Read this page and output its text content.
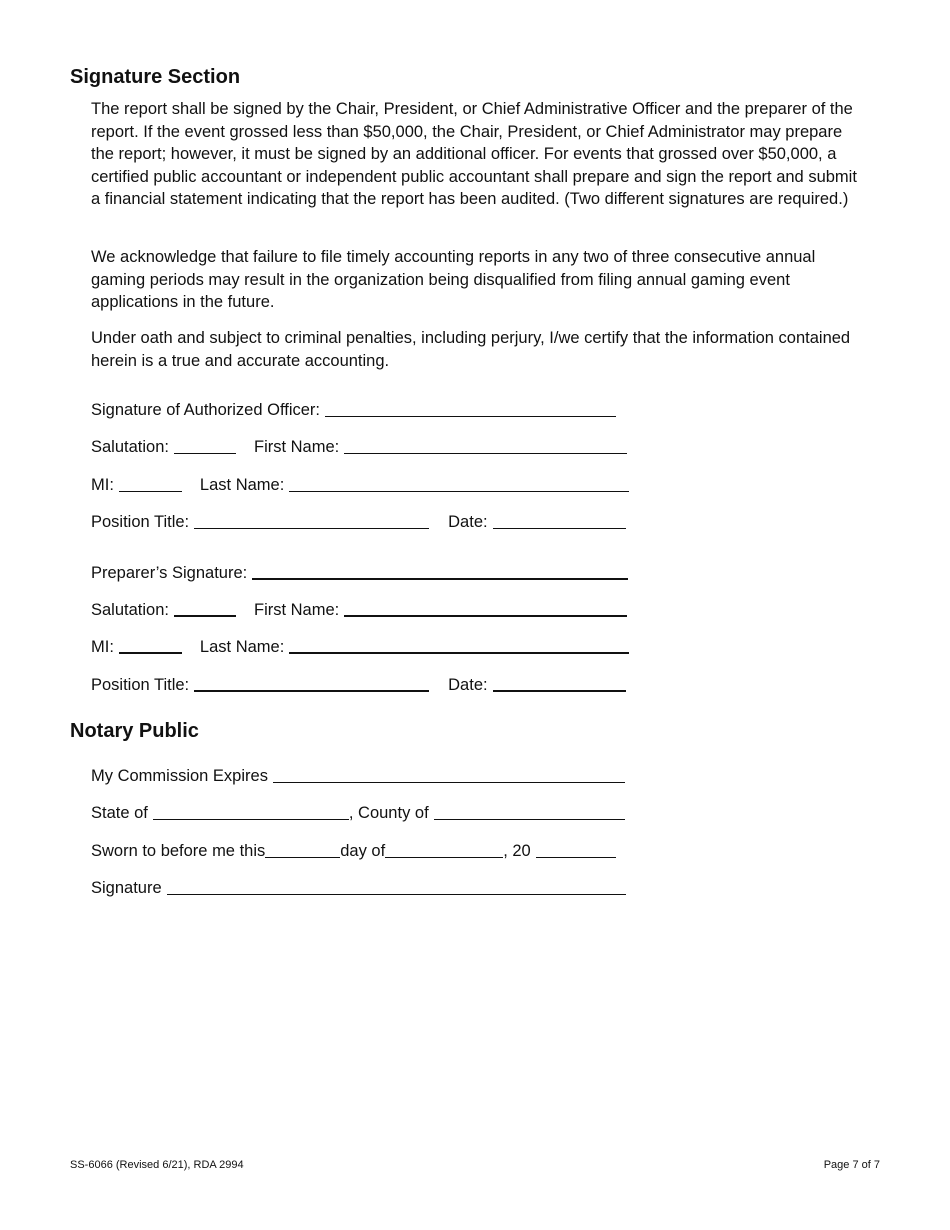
Signature Section

The report shall be signed by the Chair, President, or Chief Administrative Officer and the preparer of the report. If the event grossed less than $50,000, the Chair, President, or Chief Administrator may prepare the report; however, it must be signed by an additional officer. For events that grossed over $50,000, a certified public accountant or independent public accountant shall prepare and sign the report and submit a financial statement indicating that the report has been audited. (Two different signatures are required.)

We acknowledge that failure to file timely accounting reports in any two of three consecutive annual gaming periods may result in the organization being disqualified from filing annual gaming event applications in the future.

Under oath and subject to criminal penalties, including perjury, I/we certify that the information contained herein is a true and accurate accounting.

Signature of Authorized Officer:
Salutation:	First Name:
MI:	Last Name:
Position Title:	Date:
Preparer’s Signature:
Salutation:	First Name:
MI:	Last Name:
Position Title:	Date:
Notary Public
My Commission Expires
State of	, County of
Sworn to before me this	day of	, 20
Signature
SS-6066 (Revised 6/21), RDA 2994	Page 7 of 7
